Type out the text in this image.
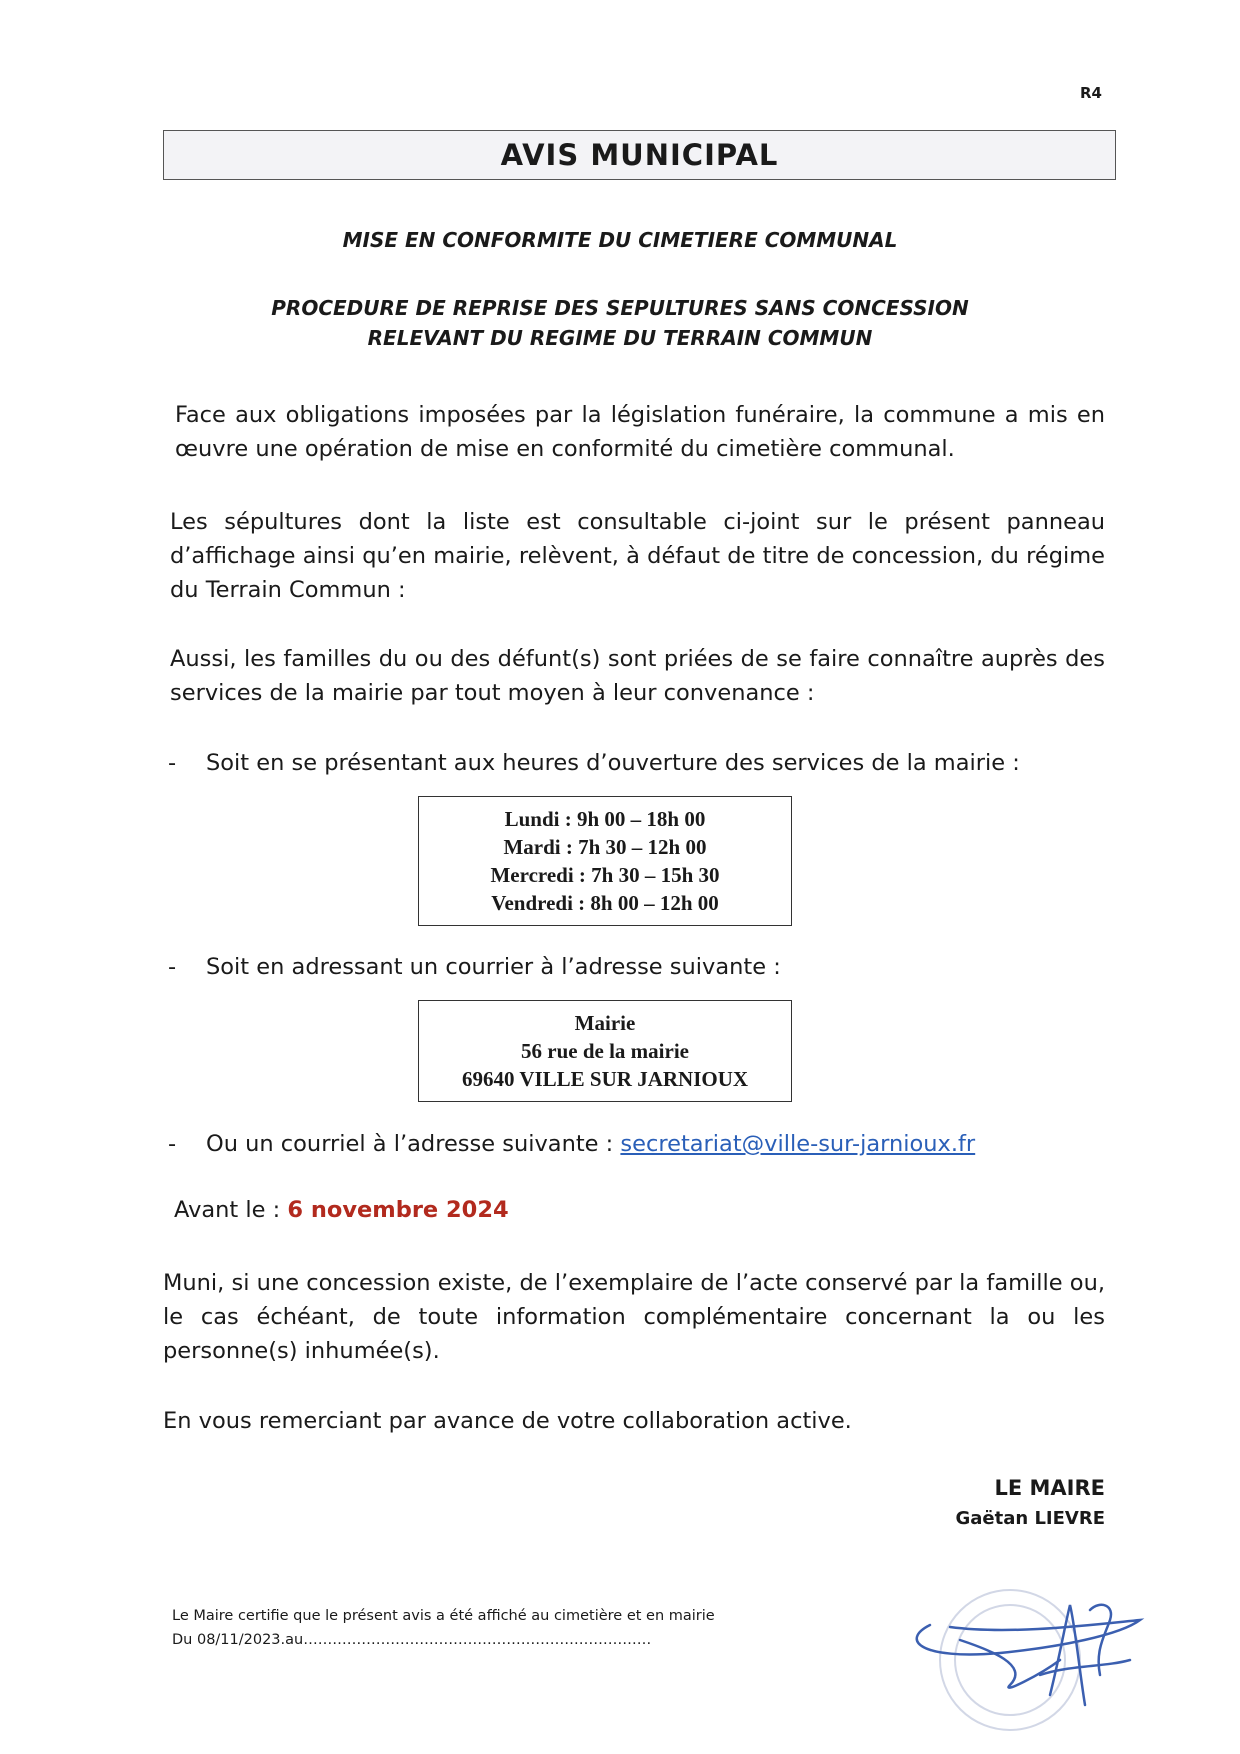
R4
AVIS MUNICIPAL
MISE EN CONFORMITE DU CIMETIERE COMMUNAL
PROCEDURE DE REPRISE DES SEPULTURES SANS CONCESSION
RELEVANT DU REGIME DU TERRAIN COMMUN
Face aux obligations imposées par la législation funéraire, la commune a mis en œuvre une opération de mise en conformité du cimetière communal.
Les sépultures dont la liste est consultable ci-joint sur le présent panneau d’affichage ainsi qu’en mairie, relèvent, à défaut de titre de concession, du régime du Terrain Commun :
Aussi, les familles du ou des défunt(s) sont priées de se faire connaître auprès des services de la mairie par tout moyen à leur convenance :
- Soit en se présentant aux heures d’ouverture des services de la mairie :
Lundi : 9h 00 – 18h 00
Mardi : 7h 30 – 12h 00
Mercredi : 7h 30 – 15h 30
Vendredi : 8h 00 – 12h 00
- Soit en adressant un courrier à l’adresse suivante :
Mairie
56 rue de la mairie
69640 VILLE SUR JARNIOUX
- Ou un courriel à l’adresse suivante : secretariat@ville-sur-jarnioux.fr
Avant le : 6 novembre 2024
Muni, si une concession existe, de l’exemplaire de l’acte conservé par la famille ou, le cas échéant, de toute information complémentaire concernant la ou les personne(s) inhumée(s).
En vous remerciant par avance de votre collaboration active.
LE MAIRE
Gaëtan LIEVRE
Le Maire certifie que le présent avis a été affiché au cimetière et en mairie
Du 08/11/2023.au………………………………………………………………
